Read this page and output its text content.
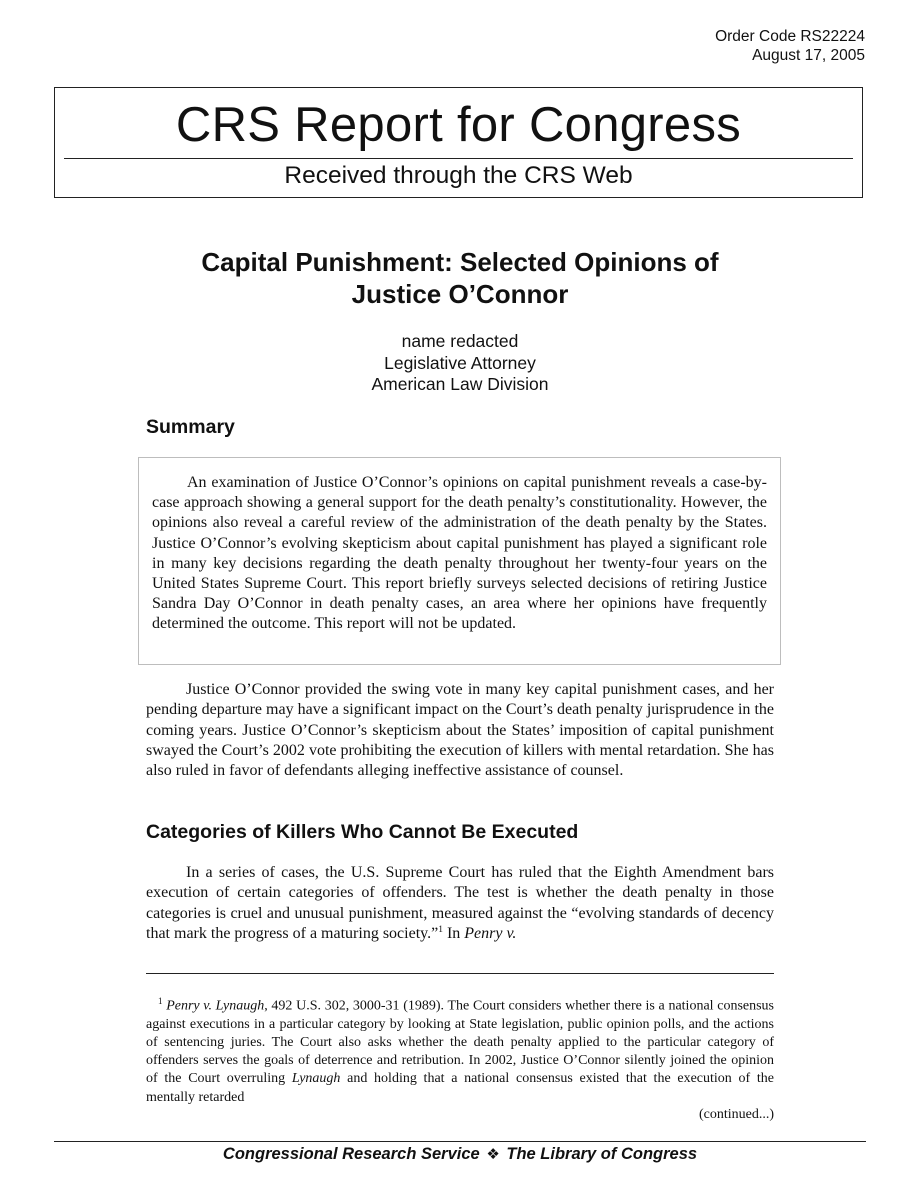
Order Code RS22224
August 17, 2005
CRS Report for Congress
Received through the CRS Web
Capital Punishment: Selected Opinions of
Justice O’Connor
name redacted
Legislative Attorney
American Law Division
Summary

An examination of Justice O’Connor’s opinions on capital punishment reveals a case-by-case approach showing a general support for the death penalty’s constitutionality. However, the opinions also reveal a careful review of the administration of the death penalty by the States. Justice O’Connor’s evolving skepticism about capital punishment has played a significant role in many key decisions regarding the death penalty throughout her twenty-four years on the United States Supreme Court. This report briefly surveys selected decisions of retiring Justice Sandra Day O’Connor in death penalty cases, an area where her opinions have frequently determined the outcome. This report will not be updated.

Justice O’Connor provided the swing vote in many key capital punishment cases, and her pending departure may have a significant impact on the Court’s death penalty jurisprudence in the coming years. Justice O’Connor’s skepticism about the States’ imposition of capital punishment swayed the Court’s 2002 vote prohibiting the execution of killers with mental retardation. She has also ruled in favor of defendants alleging ineffective assistance of counsel.

Categories of Killers Who Cannot Be Executed

In a series of cases, the U.S. Supreme Court has ruled that the Eighth Amendment bars execution of certain categories of offenders. The test is whether the death penalty in those categories is cruel and unusual punishment, measured against the “evolving standards of decency that mark the progress of a maturing society.”$^1$ In Penry v.

$^1$ Penry v. Lynaugh, 492 U.S. 302, 3000-31 (1989). The Court considers whether there is a national consensus against executions in a particular category by looking at State legislation, public opinion polls, and the actions of sentencing juries. The Court also asks whether the death penalty applied to the particular category of offenders serves the goals of deterrence and retribution. In 2002, Justice O’Connor silently joined the opinion of the Court overruling Lynaugh and holding that a national consensus existed that the execution of the mentally retarded

(continued...)
Congressional Research Service ❖ The Library of Congress
